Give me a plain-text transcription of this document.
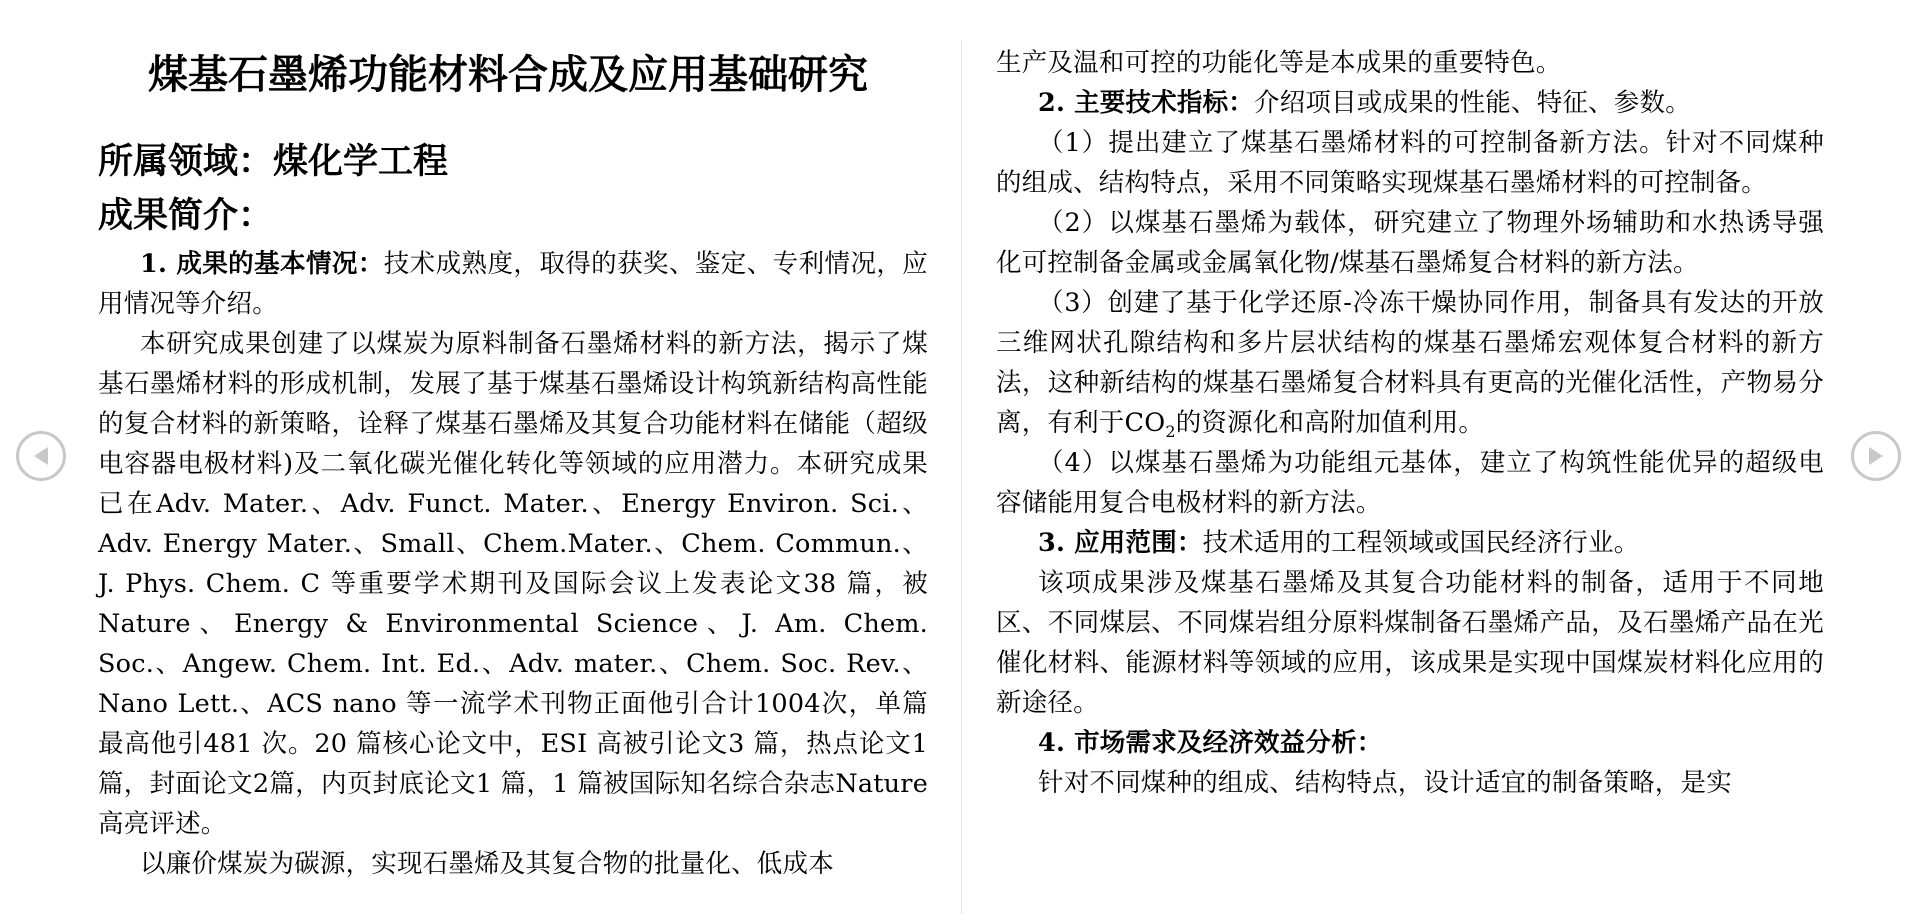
煤基石墨烯功能材料合成及应用基础研究
所属领域：煤化学工程
成果简介：

1. 成果的基本情况：技术成熟度，取得的获奖、鉴定、专利情况，应用情况等介绍。

本研究成果创建了以煤炭为原料制备石墨烯材料的新方法，揭示了煤基石墨烯材料的形成机制，发展了基于煤基石墨烯设计构筑新结构高性能的复合材料的新策略，诠释了煤基石墨烯及其复合功能材料在储能（超级电容器电极材料)及二氧化碳光催化转化等领域的应用潜力。本研究成果已在Adv. Mater.、Adv. Funct. Mater.、Energy Environ. Sci.、Adv. Energy Mater.、Small、Chem.Mater.、Chem. Commun.、J. Phys. Chem. C 等重要学术期刊及国际会议上发表论文38 篇，被Nature、Energy & Environmental Science、J. Am. Chem. Soc.、Angew. Chem. Int. Ed.、Adv. mater.、Chem. Soc. Rev.、Nano Lett.、ACS nano 等一流学术刊物正面他引合计1004次，单篇最高他引481 次。20 篇核心论文中，ESI 高被引论文3 篇，热点论文1 篇，封面论文2篇，内页封底论文1 篇，1 篇被国际知名综合杂志Nature 高亮评述。

以廉价煤炭为碳源，实现石墨烯及其复合物的批量化、低成本

生产及温和可控的功能化等是本成果的重要特色。

2. 主要技术指标：介绍项目或成果的性能、特征、参数。

（1）提出建立了煤基石墨烯材料的可控制备新方法。针对不同煤种的组成、结构特点，采用不同策略实现煤基石墨烯材料的可控制备。

（2）以煤基石墨烯为载体，研究建立了物理外场辅助和水热诱导强化可控制备金属或金属氧化物/煤基石墨烯复合材料的新方法。

（3）创建了基于化学还原-冷冻干燥协同作用，制备具有发达的开放三维网状孔隙结构和多片层状结构的煤基石墨烯宏观体复合材料的新方法，这种新结构的煤基石墨烯复合材料具有更高的光催化活性，产物易分离，有利于$CO_2$的资源化和高附加值利用。

（4）以煤基石墨烯为功能组元基体，建立了构筑性能优异的超级电容储能用复合电极材料的新方法。

3. 应用范围：技术适用的工程领域或国民经济行业。

该项成果涉及煤基石墨烯及其复合功能材料的制备，适用于不同地区、不同煤层、不同煤岩组分原料煤制备石墨烯产品，及石墨烯产品在光催化材料、能源材料等领域的应用，该成果是实现中国煤炭材料化应用的新途径。

4. 市场需求及经济效益分析：

针对不同煤种的组成、结构特点，设计适宜的制备策略，是实
